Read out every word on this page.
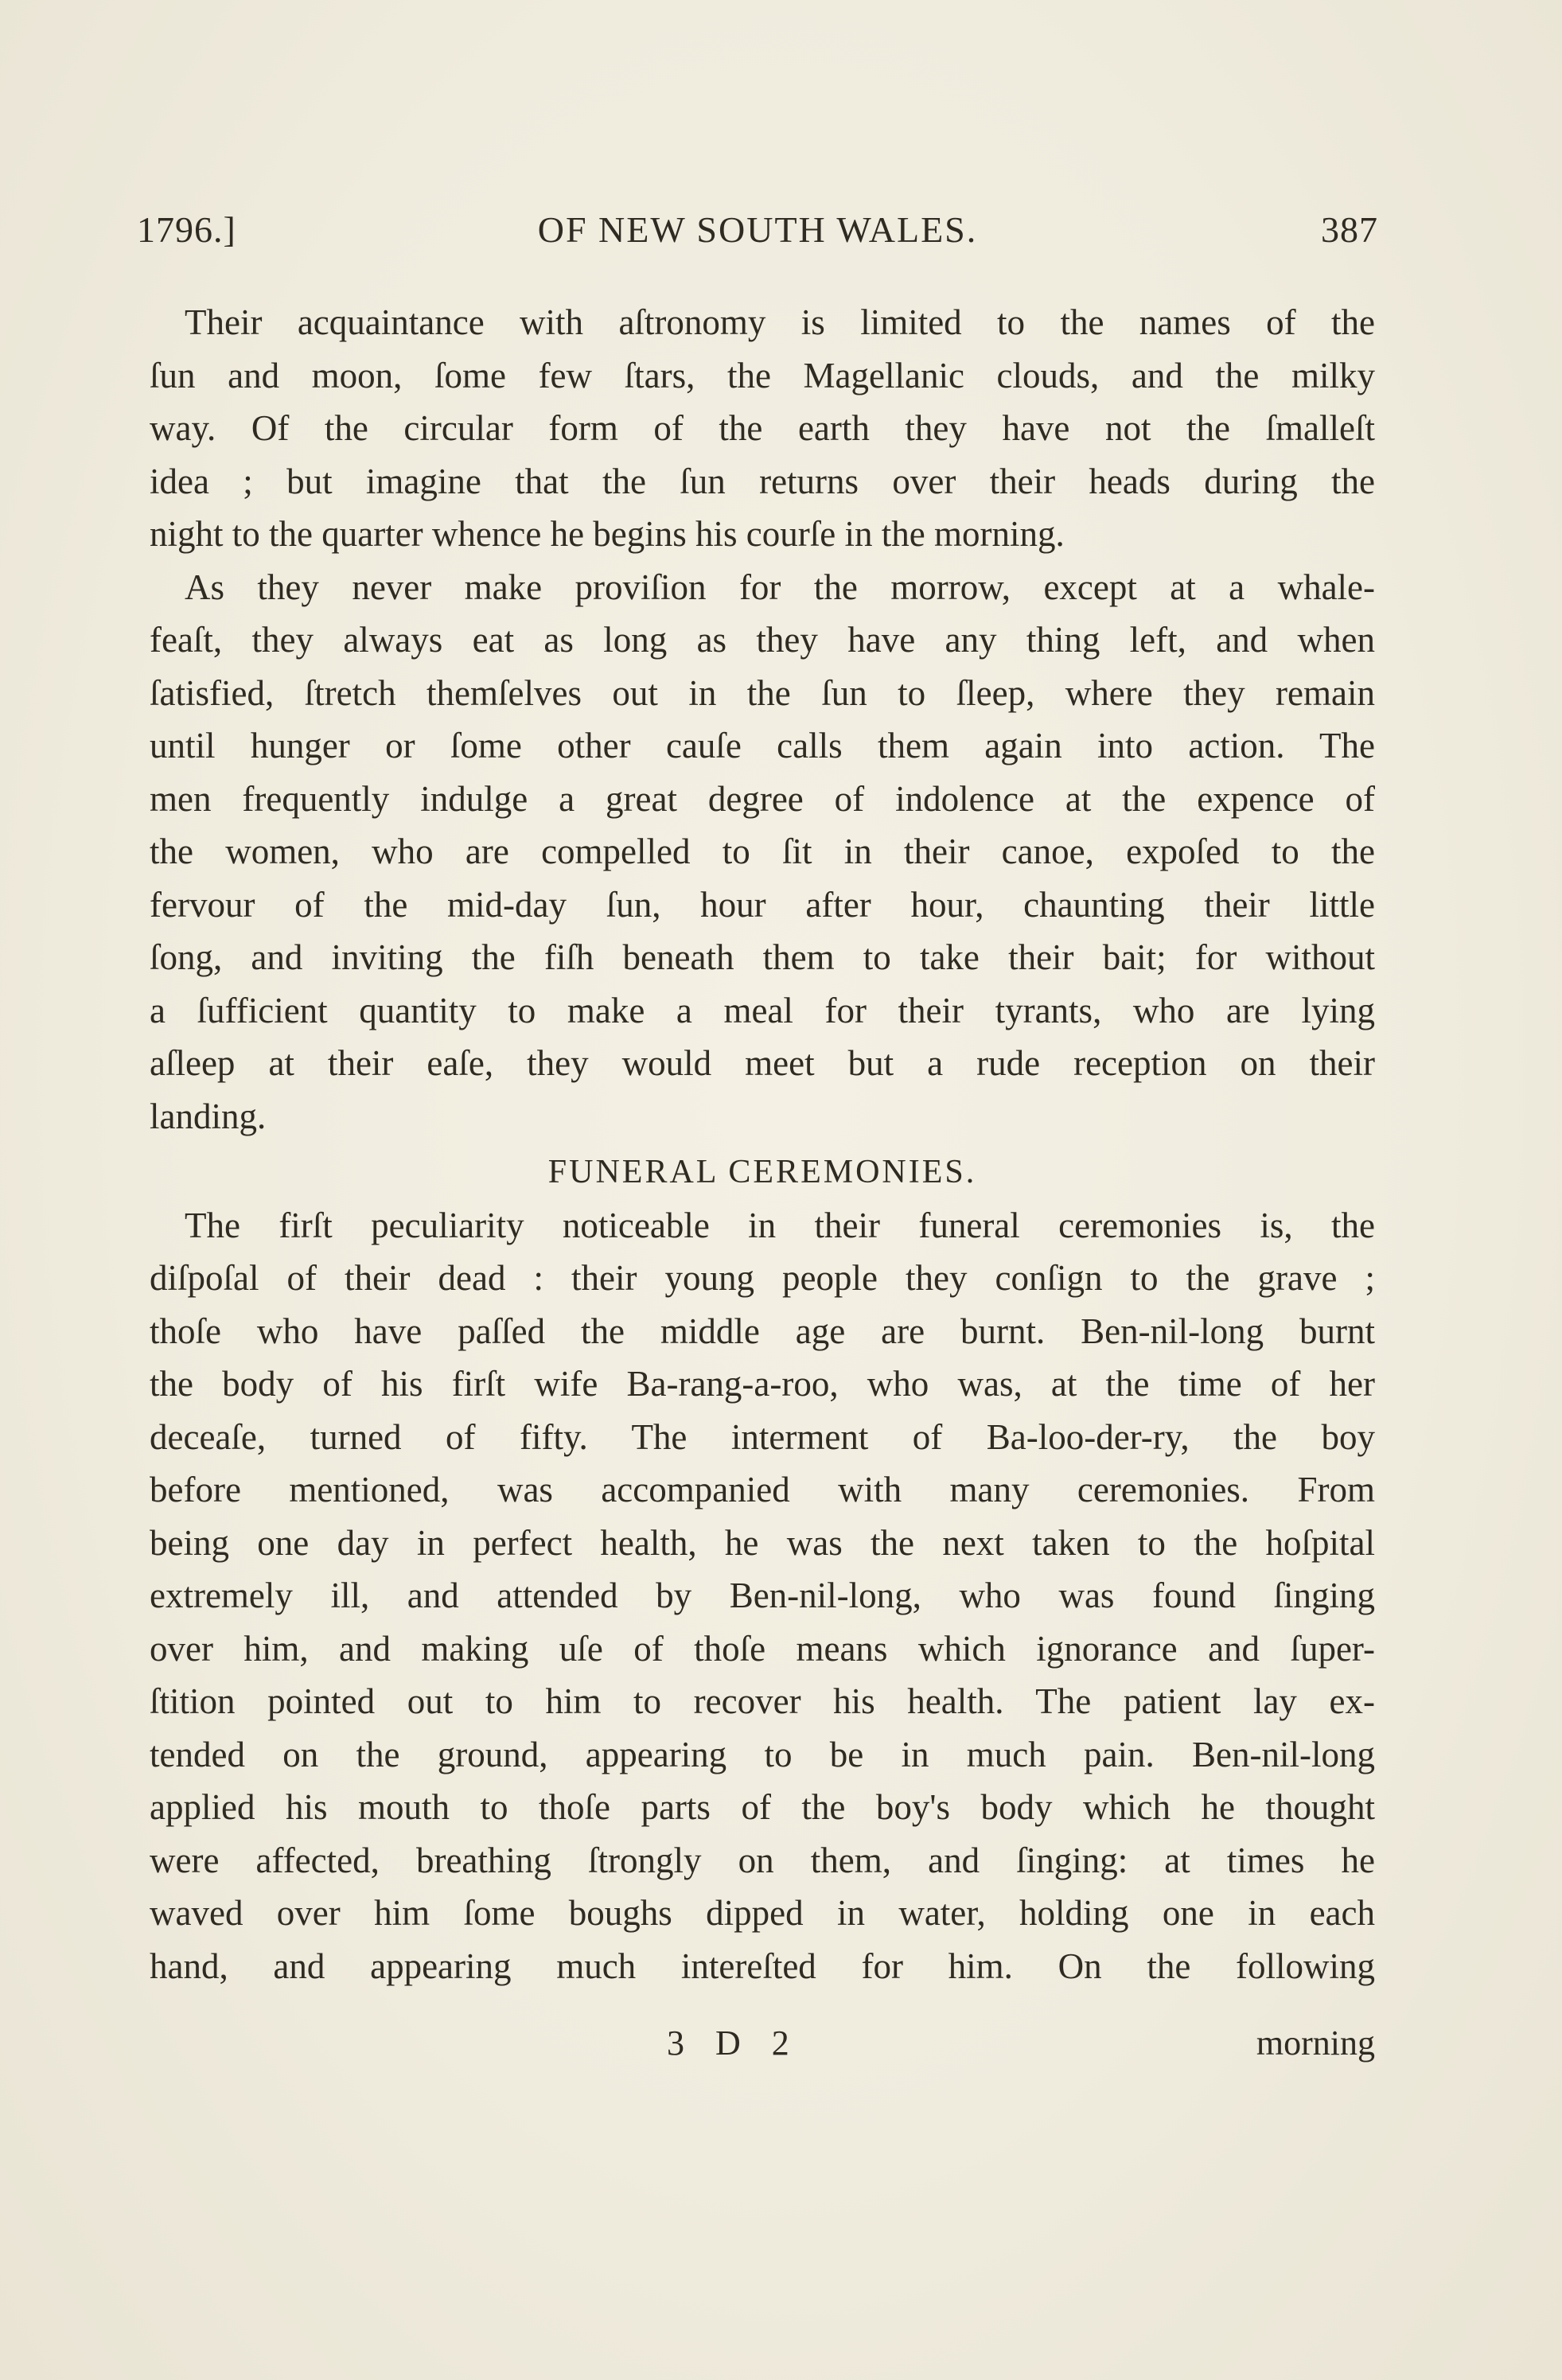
1796.]	OF NEW SOUTH WALES.	387
Their acquaintance with aſtronomy is limited to the names of the
ſun and moon, ſome few ſtars, the Magellanic clouds, and the milky
way. Of the circular form of the earth they have not the ſmalleſt
idea ; but imagine that the ſun returns over their heads during the
night to the quarter whence he begins his courſe in the morning.
As they never make proviſion for the morrow, except at a whale-
feaſt, they always eat as long as they have any thing left, and when
ſatisfied, ſtretch themſelves out in the ſun to ſleep, where they remain
until hunger or ſome other cauſe calls them again into action. The
men frequently indulge a great degree of indolence at the expence of
the women, who are compelled to ſit in their canoe, expoſed to the
fervour of the mid-day ſun, hour after hour, chaunting their little
ſong, and inviting the fiſh beneath them to take their bait; for without
a ſufficient quantity to make a meal for their tyrants, who are lying
aſleep at their eaſe, they would meet but a rude reception on their
landing.
FUNERAL CEREMONIES.
The firſt peculiarity noticeable in their funeral ceremonies is, the
diſpoſal of their dead : their young people they conſign to the grave ;
thoſe who have paſſed the middle age are burnt. Ben-nil-long burnt
the body of his firſt wife Ba-rang-a-roo, who was, at the time of her
deceaſe, turned of fifty. The interment of Ba-loo-der-ry, the boy
before mentioned, was accompanied with many ceremonies. From
being one day in perfect health, he was the next taken to the hoſpital
extremely ill, and attended by Ben-nil-long, who was found ſinging
over him, and making uſe of thoſe means which ignorance and ſuper-
ſtition pointed out to him to recover his health. The patient lay ex-
tended on the ground, appearing to be in much pain. Ben-nil-long
applied his mouth to thoſe parts of the boy's body which he thought
were affected, breathing ſtrongly on them, and ſinging: at times he
waved over him ſome boughs dipped in water, holding one in each
hand, and appearing much intereſted for him. On the following
3 D 2	morning
